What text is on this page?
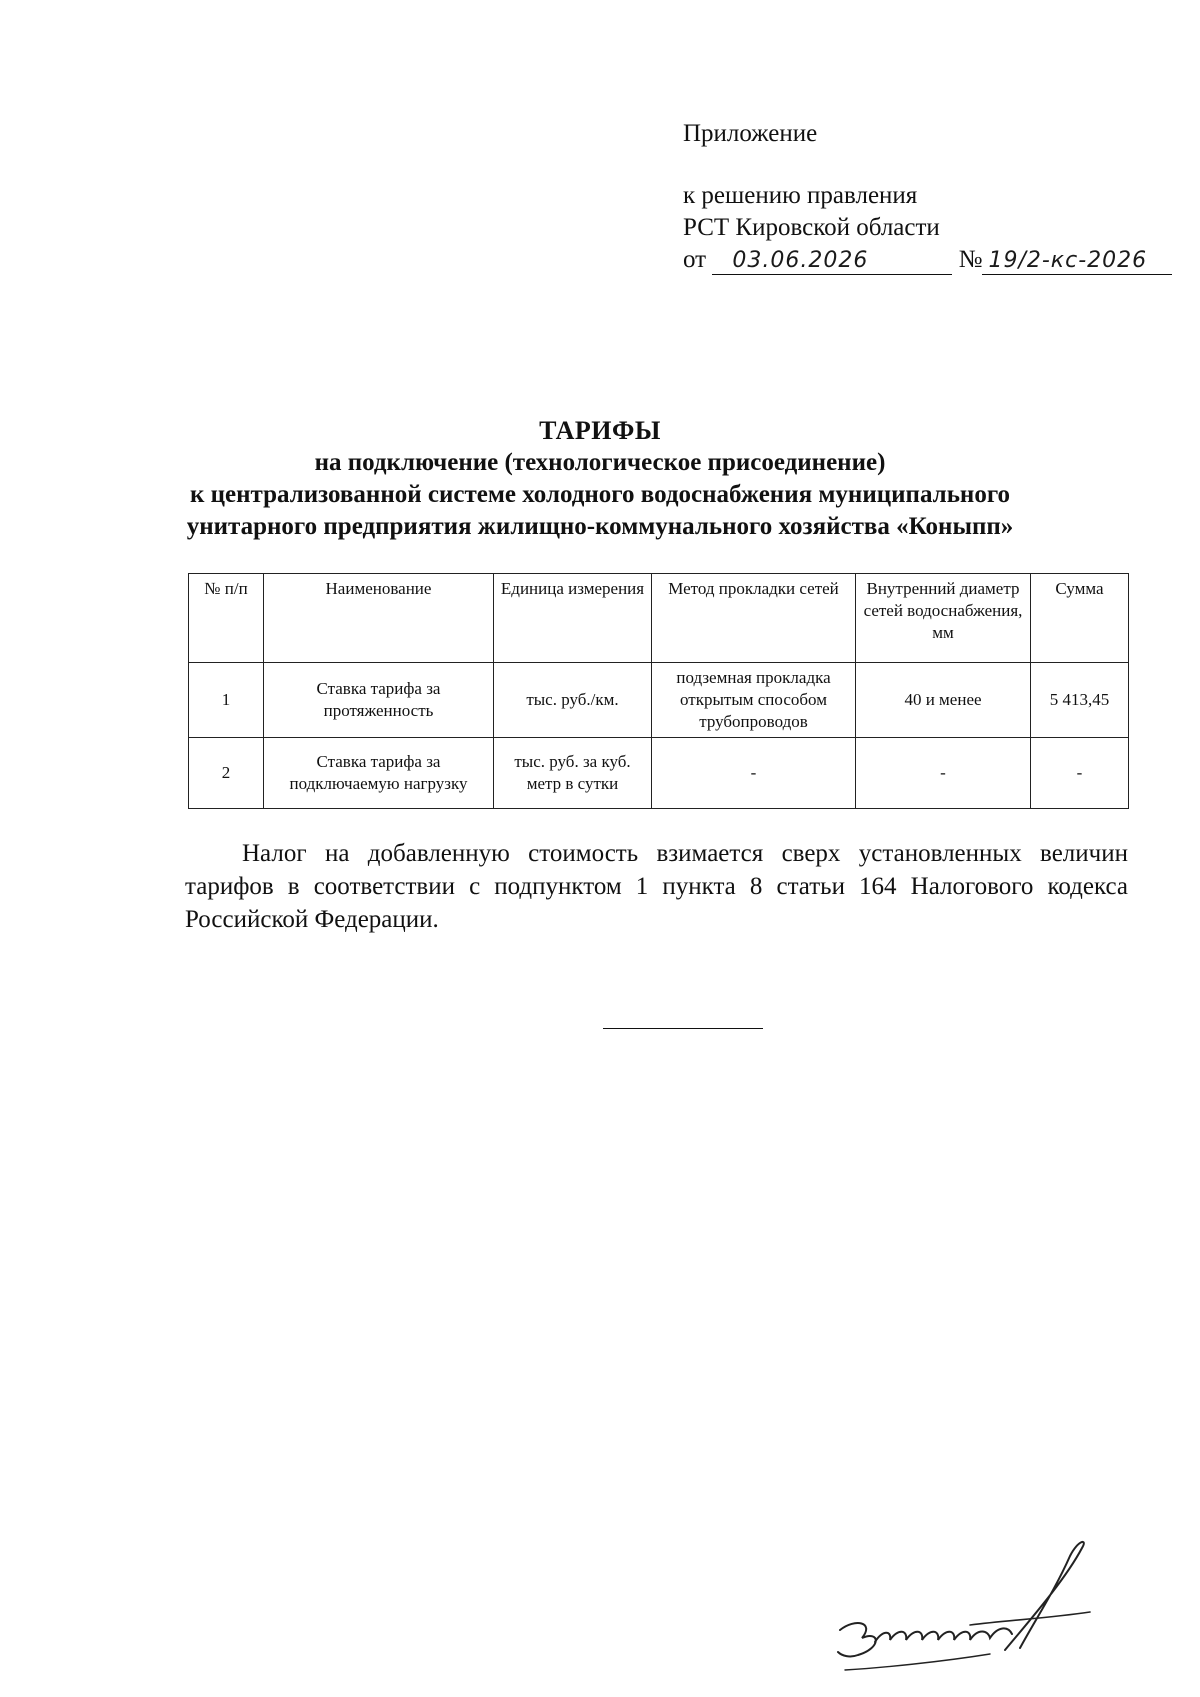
Приложение
к решению правления
РСТ Кировской области
от 03.06.2026	№ 19/2-кс-2026
ТАРИФЫ
на подключение (технологическое присоединение)
к централизованной системе холодного водоснабжения муниципального
унитарного предприятия жилищно-коммунального хозяйства «Коныпп»
№ п/п	Наименование	Единица измерения	Метод прокладки сетей	Внутренний диаметр сетей водоснабжения, мм	Сумма
1	Ставка тарифа за протяженность	тыс. руб./км.	подземная прокладка открытым способом трубопроводов	40 и менее	5 413,45
2	Ставка тарифа за подключаемую нагрузку	тыс. руб. за куб. метр в сутки	-	-	-
Налог на добавленную стоимость взимается сверх установленных величин тарифов в соответствии с подпунктом 1 пункта 8 статьи 164 Налогового кодекса Российской Федерации.
